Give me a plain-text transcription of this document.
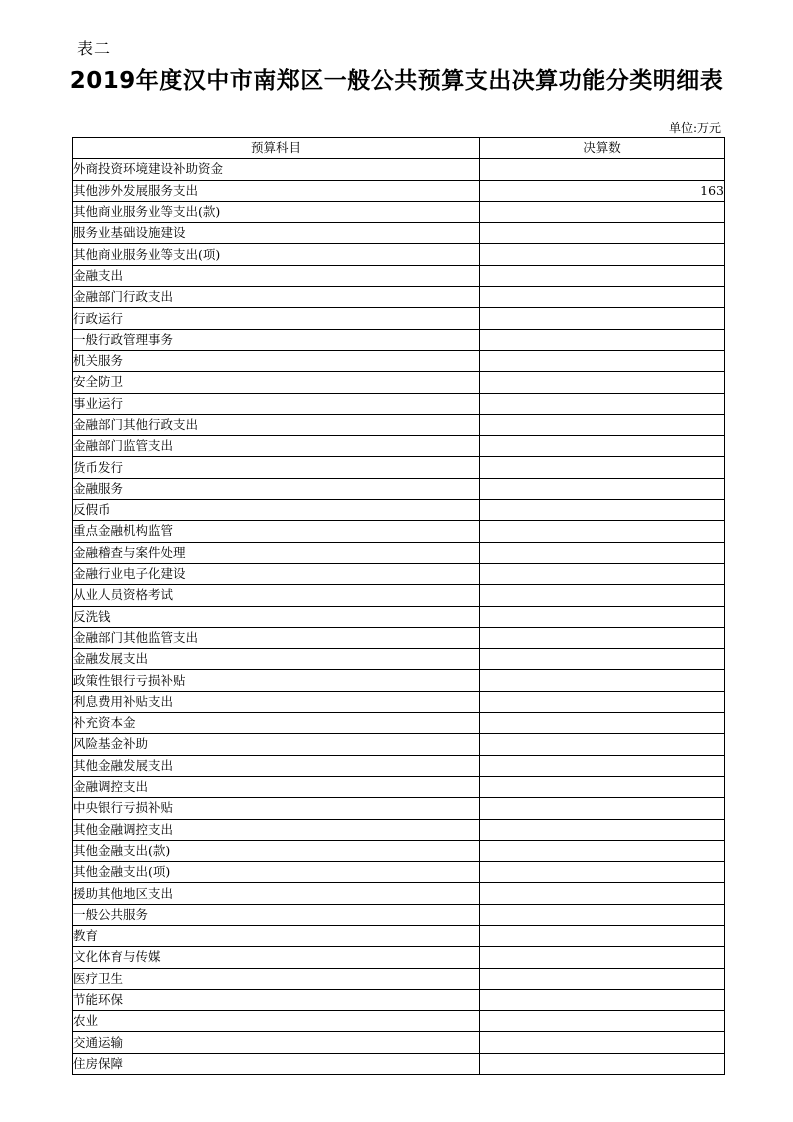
表二
2019年度汉中市南郑区一般公共预算支出决算功能分类明细表
单位:万元
预算科目	决算数
外商投资环境建设补助资金	
其他涉外发展服务支出	163
其他商业服务业等支出(款)	
服务业基础设施建设	
其他商业服务业等支出(项)	
金融支出	
金融部门行政支出	
行政运行	
一般行政管理事务	
机关服务	
安全防卫	
事业运行	
金融部门其他行政支出	
金融部门监管支出	
货币发行	
金融服务	
反假币	
重点金融机构监管	
金融稽查与案件处理	
金融行业电子化建设	
从业人员资格考试	
反洗钱	
金融部门其他监管支出	
金融发展支出	
政策性银行亏损补贴	
利息费用补贴支出	
补充资本金	
风险基金补助	
其他金融发展支出	
金融调控支出	
中央银行亏损补贴	
其他金融调控支出	
其他金融支出(款)	
其他金融支出(项)	
援助其他地区支出	
一般公共服务	
教育	
文化体育与传媒	
医疗卫生	
节能环保	
农业	
交通运输	
住房保障	
